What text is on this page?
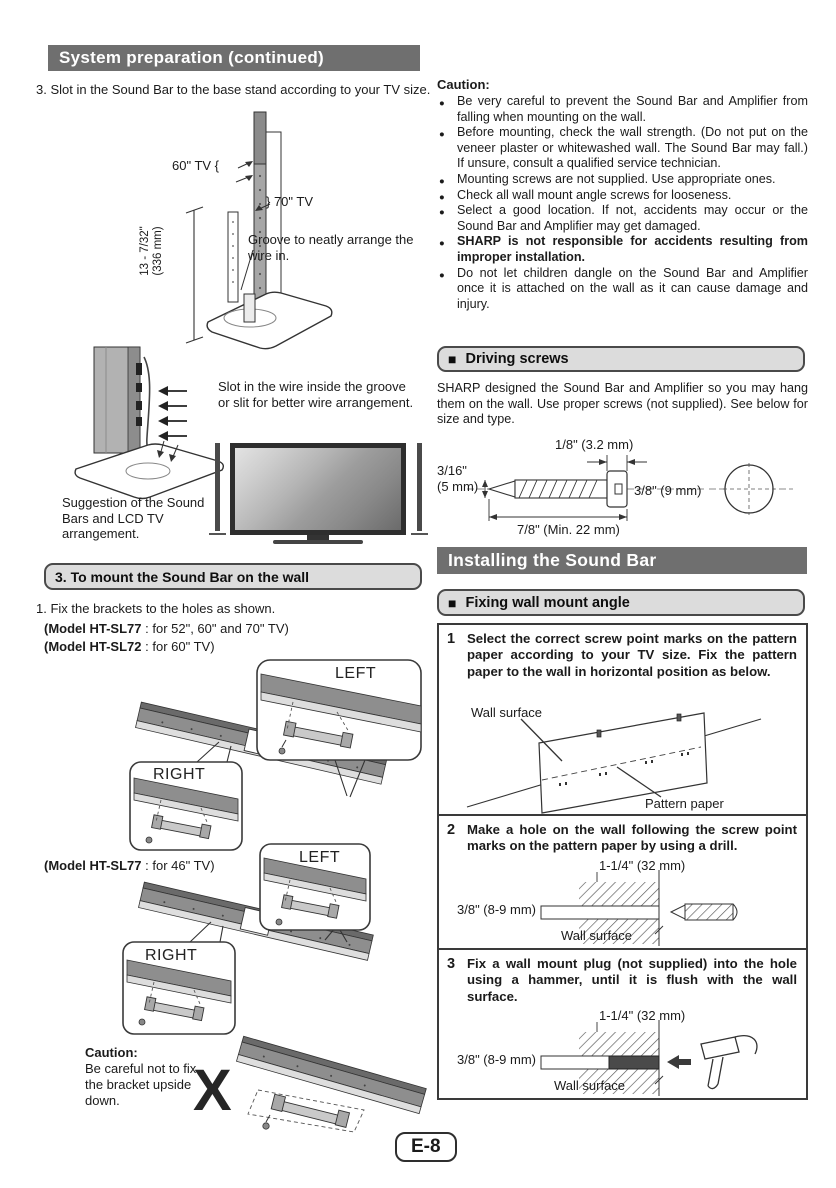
System preparation (continued)
3. Slot in the Sound Bar to the base stand according to your TV size.
60" TV {
} 70" TV
Groove to neatly arrange the wire in.
13 - 7/32" (336 mm)
Slot in the wire inside the groove or slit for better wire arrangement.
Suggestion of the Sound Bars and LCD TV arrangement.
3. To mount the Sound Bar on the wall
1. Fix the brackets to the holes as shown.
(Model HT-SL77 : for 52", 60" and 70" TV)
(Model HT-SL72 : for 60" TV)
LEFT
RIGHT
(Model HT-SL77 : for 46" TV)	LEFT
RIGHT
Caution:
Be careful not to fix the bracket upside down.	X
Caution:
● Be very careful to prevent the Sound Bar and Amplifier from falling when mounting on the wall.
● Before mounting, check the wall strength. (Do not put on the veneer plaster or whitewashed wall. The Sound Bar may fall.) If unsure, consult a qualified service technician.
● Mounting screws are not supplied. Use appropriate ones.
● Check all wall mount angle screws for looseness.
● Select a good location. If not, accidents may occur or the Sound Bar and Amplifier may get damaged.
● SHARP is not responsible for accidents resulting from improper installation.
● Do not let children dangle on the Sound Bar and Amplifier once it is attached on the wall as it can cause damage and injury.
■ Driving screws
SHARP designed the Sound Bar and Amplifier so you may hang them on the wall. Use proper screws (not supplied). See below for size and type.
1/8" (3.2 mm)
3/16"
(5 mm)	3/8" (9 mm)
7/8" (Min. 22 mm)
Installing the Sound Bar
■ Fixing wall mount angle
1 Select the correct screw point marks on the pattern paper according to your TV size. Fix the pattern paper to the wall in horizontal position as below.
Wall surface
Pattern paper
2 Make a hole on the wall following the screw point marks on the pattern paper by using a drill.
1-1/4" (32 mm)
3/8" (8-9 mm)
Wall surface
3 Fix a wall mount plug (not supplied) into the hole using a hammer, until it is flush with the wall surface.
1-1/4" (32 mm)
3/8" (8-9 mm)
Wall surface
E-8
